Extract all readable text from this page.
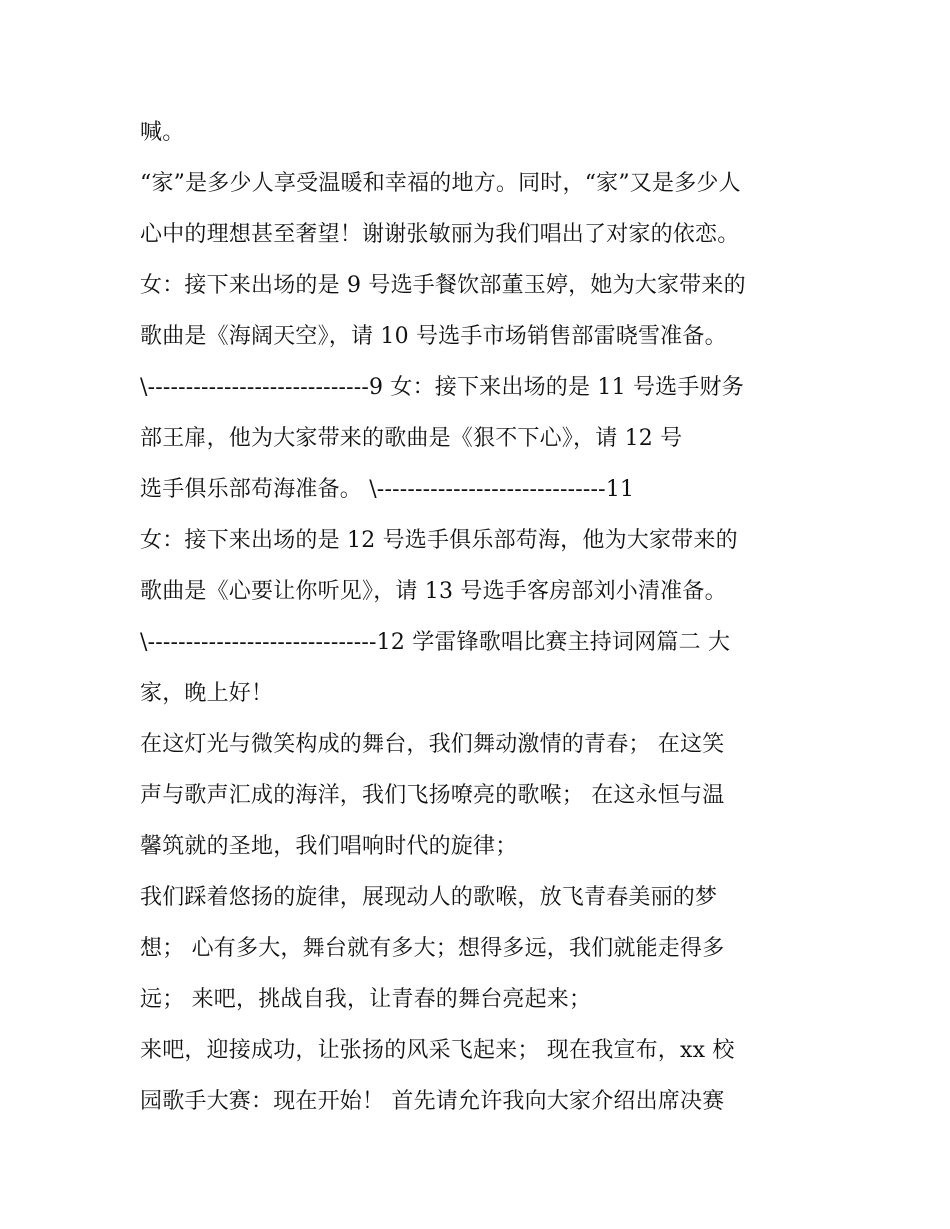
喊。
“家”是多少人享受温暖和幸福的地方。同时，“家”又是多少人
心中的理想甚至奢望！谢谢张敏丽为我们唱出了对家的依恋。
女：接下来出场的是 9 号选手餐饮部董玉婷，她为大家带来的
歌曲是《海阔天空》，请 10 号选手市场销售部雷晓雪准备。
\-----------------------------9 女：接下来出场的是 11 号选手财务
部王扉，他为大家带来的歌曲是《狠不下心》，请 12 号
选手俱乐部苟海准备。 \------------------------------11
女：接下来出场的是 12 号选手俱乐部苟海，他为大家带来的
歌曲是《心要让你听见》，请 13 号选手客房部刘小清准备。
\------------------------------12 学雷锋歌唱比赛主持词网篇二 大
家，晚上好！
在这灯光与微笑构成的舞台，我们舞动激情的青春； 在这笑
声与歌声汇成的海洋，我们飞扬嘹亮的歌喉； 在这永恒与温
馨筑就的圣地，我们唱响时代的旋律；
我们踩着悠扬的旋律，展现动人的歌喉，放飞青春美丽的梦
想； 心有多大，舞台就有多大；想得多远，我们就能走得多
远； 来吧，挑战自我，让青春的舞台亮起来；
来吧，迎接成功，让张扬的风采飞起来； 现在我宣布，xx 校
园歌手大赛：现在开始！ 首先请允许我向大家介绍出席决赛
